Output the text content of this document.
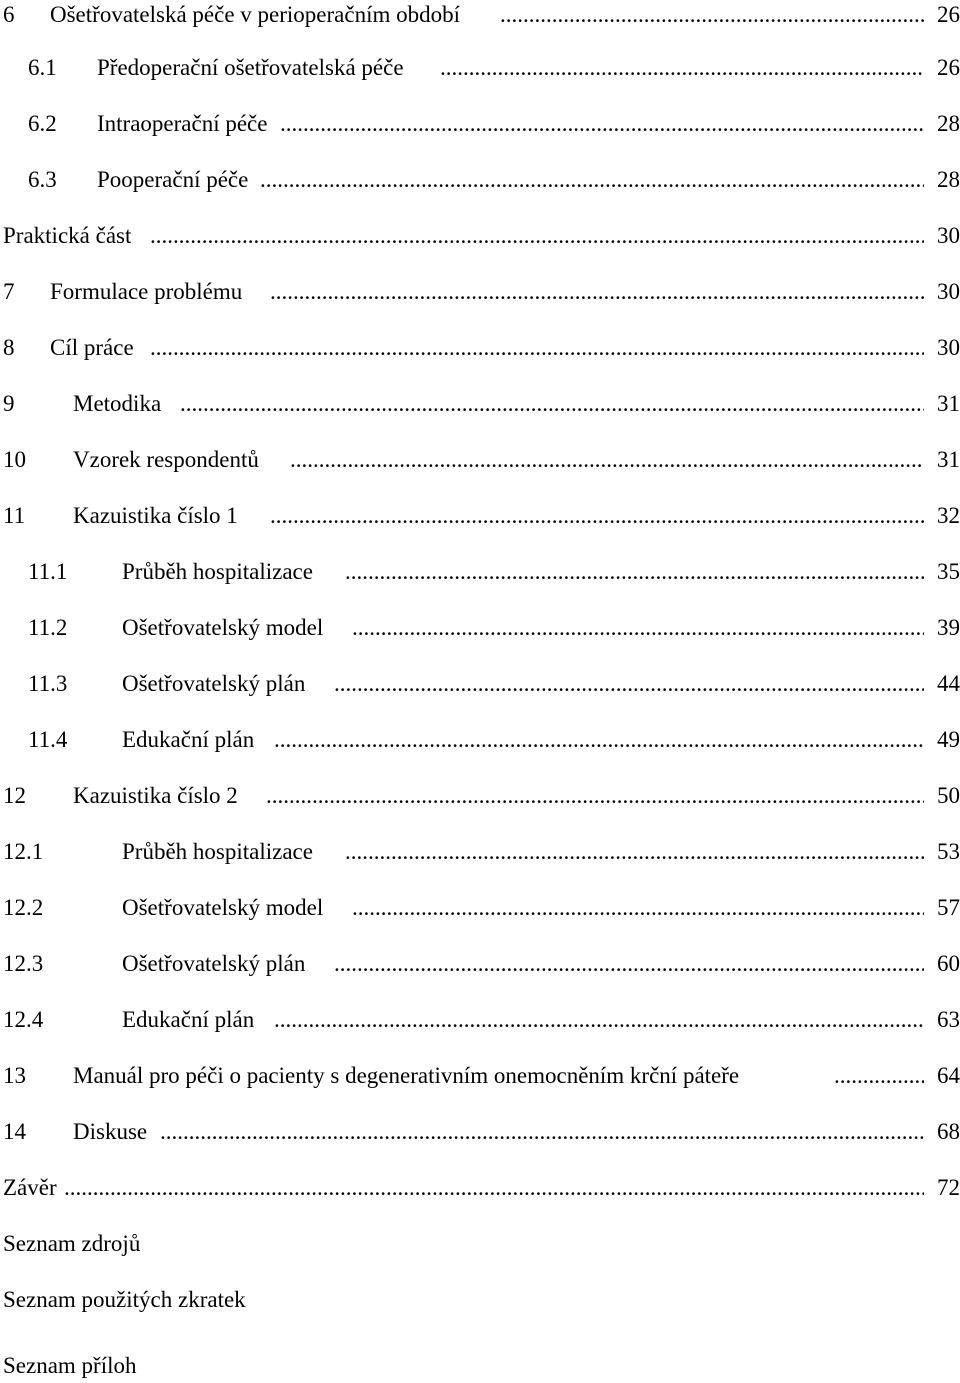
6 ..... Ošetřovatelská péče v perioperačním období	26
6.1 ..... Předoperační ošetřovatelská péče	26
6.2 ..... Intraoperační péče	28
6.3 ..... Pooperační péče	28
.....
Praktická část	30
7 ..... Formulace problému	30
8 ..... Cíl práce	30
9 .....	Metodika	31
10 ..... Vzorek respondentů	31
11 ..... Kazuistika číslo 1	32
11.1 ..... Průběh hospitalizace	35
11.2 ..... Ošetřovatelský model	39
11.3 ..... Ošetřovatelský plán	44
11.4 ..... Edukační plán	49
12 ..... Kazuistika číslo 2	50
12.1 .....	Průběh hospitalizace	53
12.2 .....	Ošetřovatelský model	57
12.3 .....	Ošetřovatelský plán	60
12.4 .....	Edukační plán	63
13 ..... Manuál pro péči o pacienty s degenerativním onemocněním krční páteře	64
14 ..... Diskuse	68
.....
Závěr	72
Seznam zdrojů
Seznam použitých zkratek
Seznam příloh
